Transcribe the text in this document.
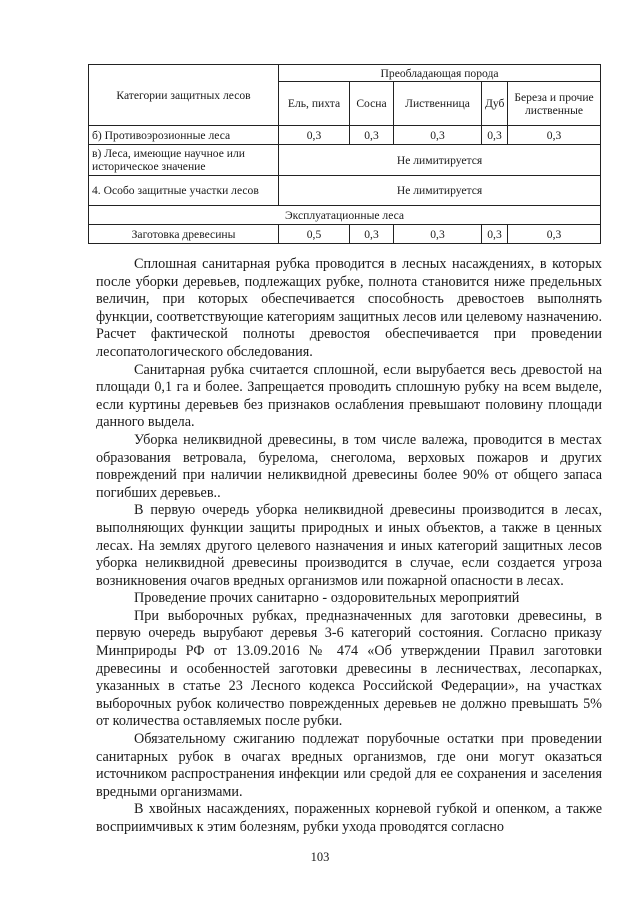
Категории защитных лесов	Преобладающая порода				
	Ель, пихта	Сосна	Лиственница	Дуб	Береза и прочие лиственные
б) Противоэрозионные леса	0,3	0,3	0,3	0,3	0,3
в) Леса, имеющие научное или историческое значение	Не лимитируется				
4. Особо защитные участки лесов	Не лимитируется				
Эксплуатационные леса					
Заготовка древесины	0,5	0,3	0,3	0,3	0,3

Сплошная санитарная рубка проводится в лесных насаждениях, в которых после уборки деревьев, подлежащих рубке, полнота становится ниже предельных величин, при которых обеспечивается способность древостоев выполнять функции, соответствующие категориям защитных лесов или целевому назначению. Расчет фактической полноты древостоя обеспечивается при проведении лесопатологического обследования.

Санитарная рубка считается сплошной, если вырубается весь древостой на площади 0,1 га и более. Запрещается проводить сплошную рубку на всем выделе, если куртины деревьев без признаков ослабления превышают половину площади данного выдела.

Уборка неликвидной древесины, в том числе валежа, проводится в местах образования ветровала, бурелома, снеголома, верховых пожаров и других повреждений при наличии неликвидной древесины более 90% от общего запаса погибших деревьев..

В первую очередь уборка неликвидной древесины производится в лесах, выполняющих функции защиты природных и иных объектов, а также в ценных лесах. На землях другого целевого назначения и иных категорий защитных лесов уборка неликвидной древесины производится в случае, если создается угроза возникновения очагов вредных организмов или пожарной опасности в лесах.

Проведение прочих санитарно - оздоровительных мероприятий

При выборочных рубках, предназначенных для заготовки древесины, в первую очередь вырубают деревья 3-6 категорий состояния. Согласно приказу Минприроды РФ от 13.09.2016 № 474 «Об утверждении Правил заготовки древесины и особенностей заготовки древесины в лесничествах, лесопарках, указанных в статье 23 Лесного кодекса Российской Федерации», на участках выборочных рубок количество поврежденных деревьев не должно превышать 5% от количества оставляемых после рубки.

Обязательному сжиганию подлежат порубочные остатки при проведении санитарных рубок в очагах вредных организмов, где они могут оказаться источником распространения инфекции или средой для ее сохранения и заселения вредными организмами.

В хвойных насаждениях, пораженных корневой губкой и опенком, а также восприимчивых к этим болезням, рубки ухода проводятся согласно

103
